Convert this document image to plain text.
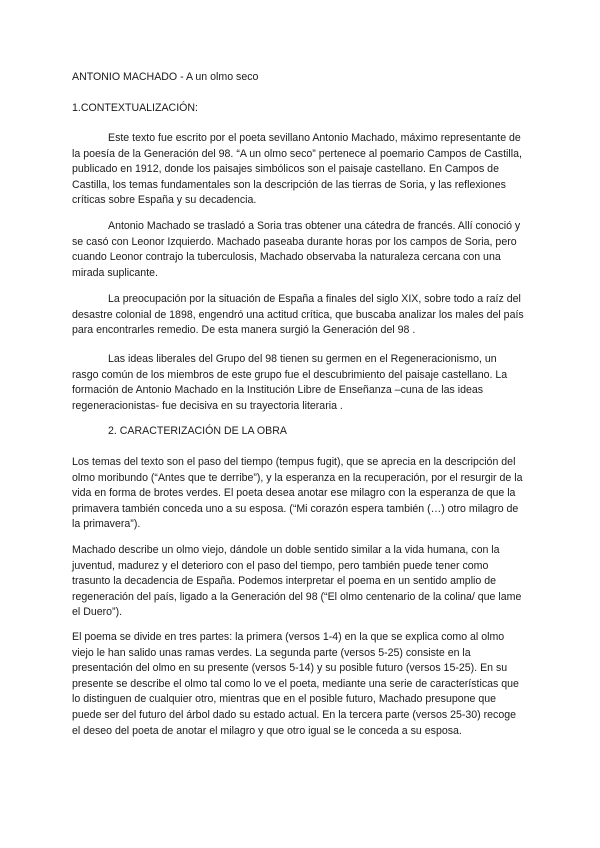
ANTONIO MACHADO - A un olmo seco
1.CONTEXTUALIZACIÓN:

Este texto fue escrito por el poeta sevillano Antonio Machado, máximo representante de la poesía de la Generación del 98. “A un olmo seco” pertenece al poemario Campos de Castilla, publicado en 1912, donde los paisajes simbólicos son el paisaje castellano. En Campos de Castilla, los temas fundamentales son la descripción de las tierras de Soria, y las reflexiones críticas sobre España y su decadencia.

Antonio Machado se trasladó a Soria tras obtener una cátedra de francés. Allí conoció y se casó con Leonor Izquierdo. Machado paseaba durante horas por los campos de Soria, pero cuando Leonor contrajo la tuberculosis, Machado observaba la naturaleza cercana con una mirada suplicante.

La preocupación por la situación de España a finales del siglo XIX, sobre todo a raíz del desastre colonial de 1898, engendró una actitud crítica, que buscaba analizar los males del país para encontrarles remedio. De esta manera surgió la Generación del 98 .

Las ideas liberales del Grupo del 98 tienen su germen en el Regeneracionismo, un rasgo común de los miembros de este grupo fue el descubrimiento del paisaje castellano. La formación de Antonio Machado en la Institución Libre de Enseñanza –cuna de las ideas regeneracionistas- fue decisiva en su trayectoria literaria .

2. CARACTERIZACIÓN DE LA OBRA

Los temas del texto son el paso del tiempo (tempus fugit), que se aprecia en la descripción del olmo moribundo (“Antes que te derribe”), y la esperanza en la recuperación, por el resurgir de la vida en forma de brotes verdes. El poeta desea anotar ese milagro con la esperanza de que la primavera también conceda uno a su esposa. (“Mi corazón espera también (…) otro milagro de la primavera”).

Machado describe un olmo viejo, dándole un doble sentido similar a la vida humana, con la juventud, madurez y el deterioro con el paso del tiempo, pero también puede tener como trasunto la decadencia de España. Podemos interpretar el poema en un sentido amplio de regeneración del país, ligado a la Generación del 98 (“El olmo centenario de la colina/ que lame el Duero”).

El poema se divide en tres partes: la primera (versos 1-4) en la que se explica como al olmo viejo le han salido unas ramas verdes. La segunda parte (versos 5-25) consiste en la presentación del olmo en su presente (versos 5-14) y su posible futuro (versos 15-25). En su presente se describe el olmo tal como lo ve el poeta, mediante una serie de características que lo distinguen de cualquier otro, mientras que en el posible futuro, Machado presupone que puede ser del futuro del árbol dado su estado actual. En la tercera parte (versos 25-30) recoge el deseo del poeta de anotar el milagro y que otro igual se le conceda a su esposa.
